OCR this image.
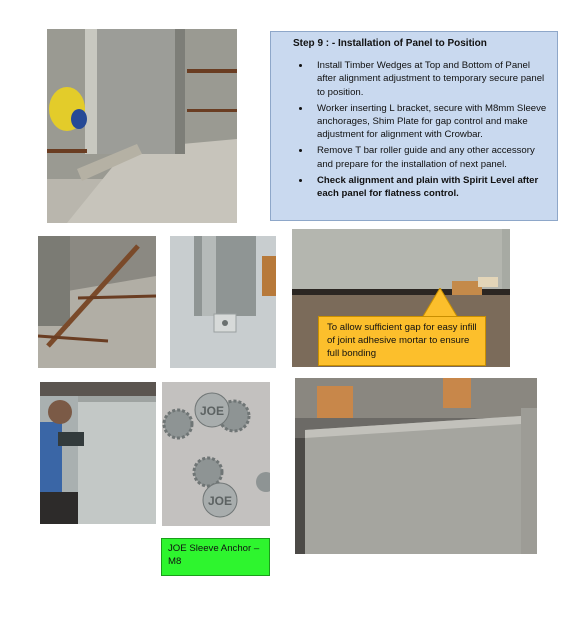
Step 9 : - Installation of Panel to Position

• Install Timber Wedges at Top and Bottom of Panel after alignment adjustment to temporary secure panel to position.
• Worker inserting L bracket, secure with M8mm Sleeve anchorages, Shim Plate for gap control and make adjustment for alignment with Crowbar.
• Remove T bar roller guide and any other accessory and prepare for the installation of next panel.
• Check alignment and plain with Spirit Level after each panel for flatness control.
To allow sufficient gap for easy infill of joint adhesive mortar to ensure full bonding
JOE
JOE
JOE Sleeve Anchor – M8
